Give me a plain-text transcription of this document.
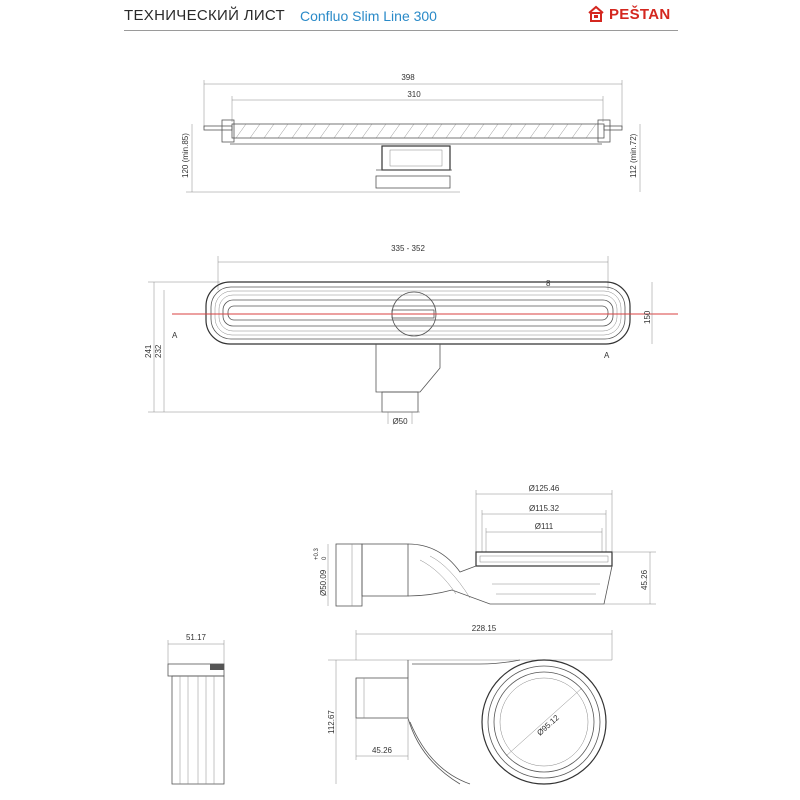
ТЕХНИЧЕСКИЙ ЛИСТ Confluo Slim Line 300	PEŠTAN
398
310
120 (min.85)	112 (min.72)
335 - 352
A
A
8
Ø50
241 232
150
Ø125.46
Ø115.32
Ø111
Ø50.09
+0.3 0
45.26
51.17
228.15
Ø95.12
112.67
45.26
